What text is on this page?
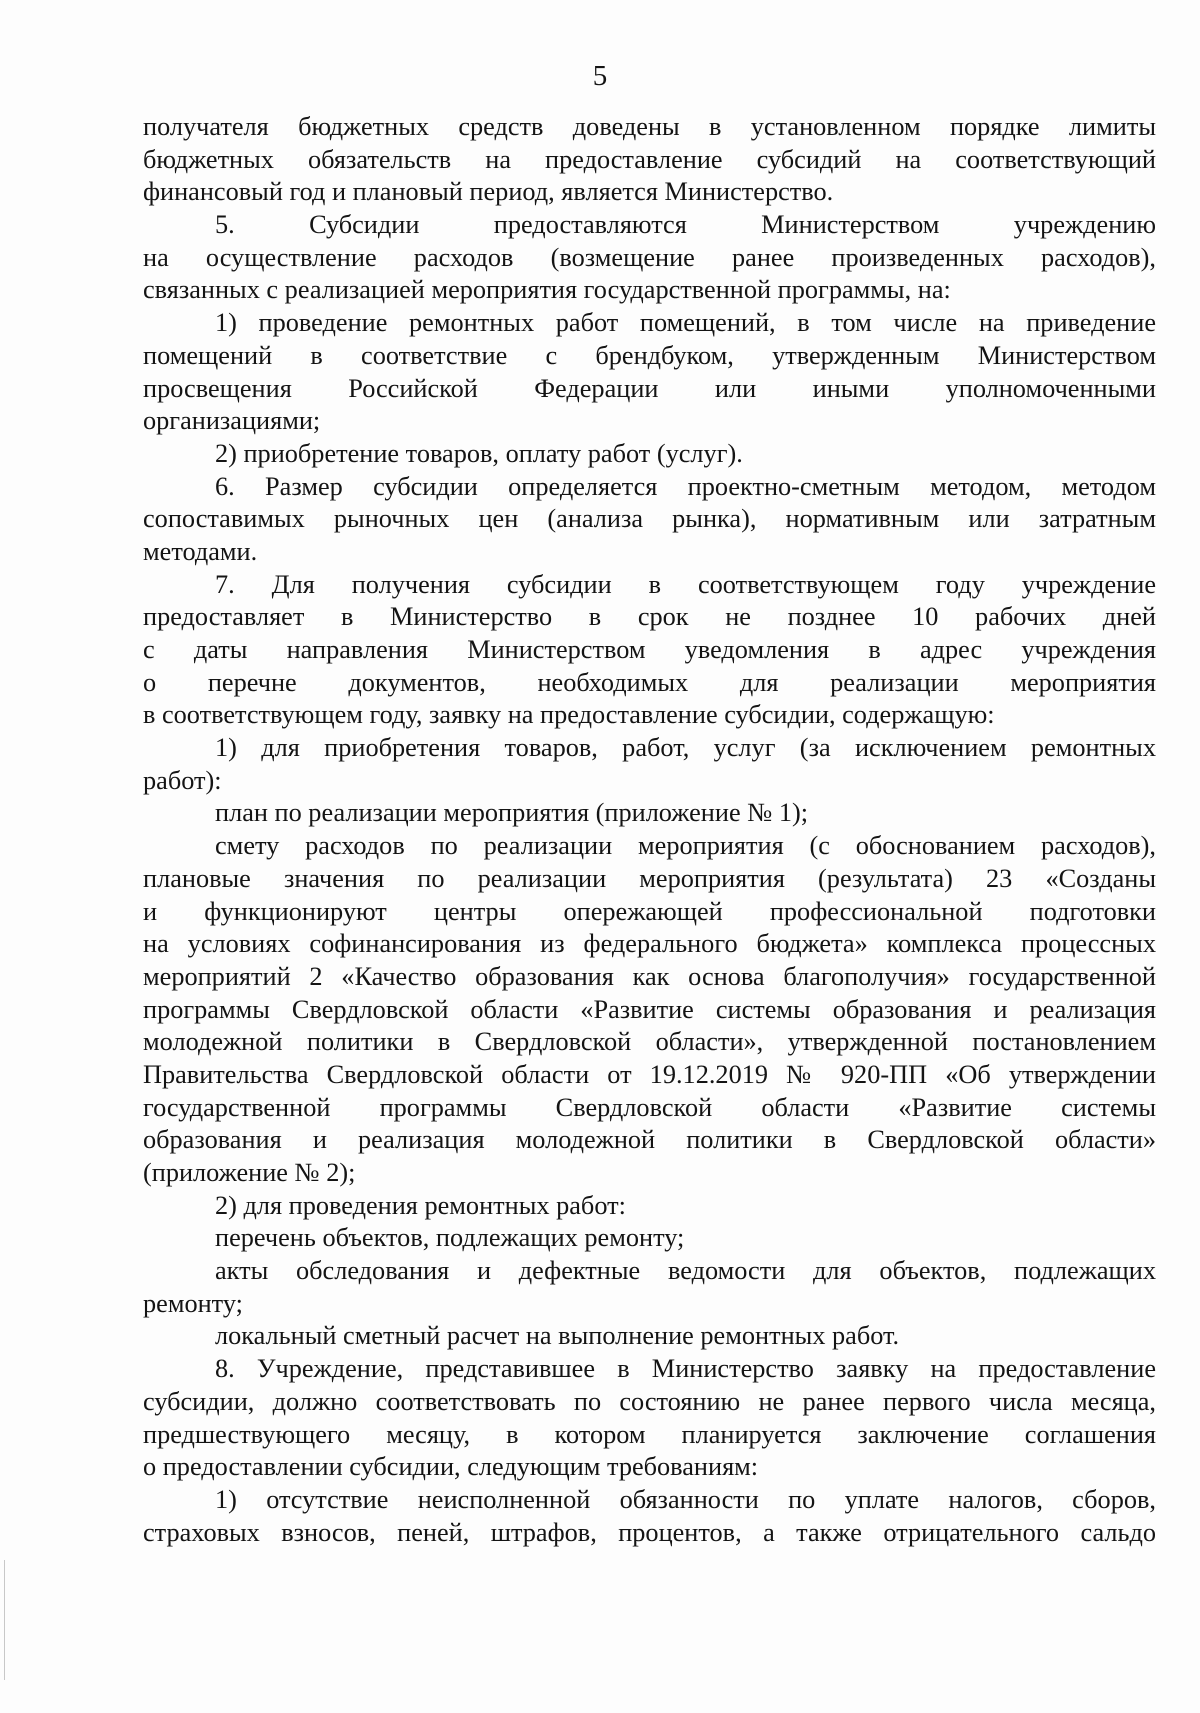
5
получателя бюджетных средств доведены в установленном порядке лимиты
бюджетных обязательств на предоставление субсидий на соответствующий
финансовый год и плановый период, является Министерство.
5. Субсидии предоставляются Министерством учреждению
на осуществление расходов (возмещение ранее произведенных расходов),
связанных с реализацией мероприятия государственной программы, на:
1) проведение ремонтных работ помещений, в том числе на приведение
помещений в соответствие с брендбуком, утвержденным Министерством
просвещения Российской Федерации или иными уполномоченными
организациями;
2) приобретение товаров, оплату работ (услуг).
6. Размер субсидии определяется проектно-сметным методом, методом
сопоставимых рыночных цен (анализа рынка), нормативным или затратным
методами.
7. Для получения субсидии в соответствующем году учреждение
предоставляет в Министерство в срок не позднее 10 рабочих дней
с даты направления Министерством уведомления в адрес учреждения
о перечне документов, необходимых для реализации мероприятия
в соответствующем году, заявку на предоставление субсидии, содержащую:
1) для приобретения товаров, работ, услуг (за исключением ремонтных
работ):
план по реализации мероприятия (приложение № 1);
смету расходов по реализации мероприятия (с обоснованием расходов),
плановые значения по реализации мероприятия (результата) 23 «Созданы
и функционируют центры опережающей профессиональной подготовки
на условиях софинансирования из федерального бюджета» комплекса процессных
мероприятий 2 «Качество образования как основа благополучия» государственной
программы Свердловской области «Развитие системы образования и реализация
молодежной политики в Свердловской области», утвержденной постановлением
Правительства Свердловской области от 19.12.2019 № 920-ПП «Об утверждении
государственной программы Свердловской области «Развитие системы
образования и реализация молодежной политики в Свердловской области»
(приложение № 2);
2) для проведения ремонтных работ:
перечень объектов, подлежащих ремонту;
акты обследования и дефектные ведомости для объектов, подлежащих
ремонту;
локальный сметный расчет на выполнение ремонтных работ.
8. Учреждение, представившее в Министерство заявку на предоставление
субсидии, должно соответствовать по состоянию не ранее первого числа месяца,
предшествующего месяцу, в котором планируется заключение соглашения
о предоставлении субсидии, следующим требованиям:
1) отсутствие неисполненной обязанности по уплате налогов, сборов,
страховых взносов, пеней, штрафов, процентов, а также отрицательного сальдо
